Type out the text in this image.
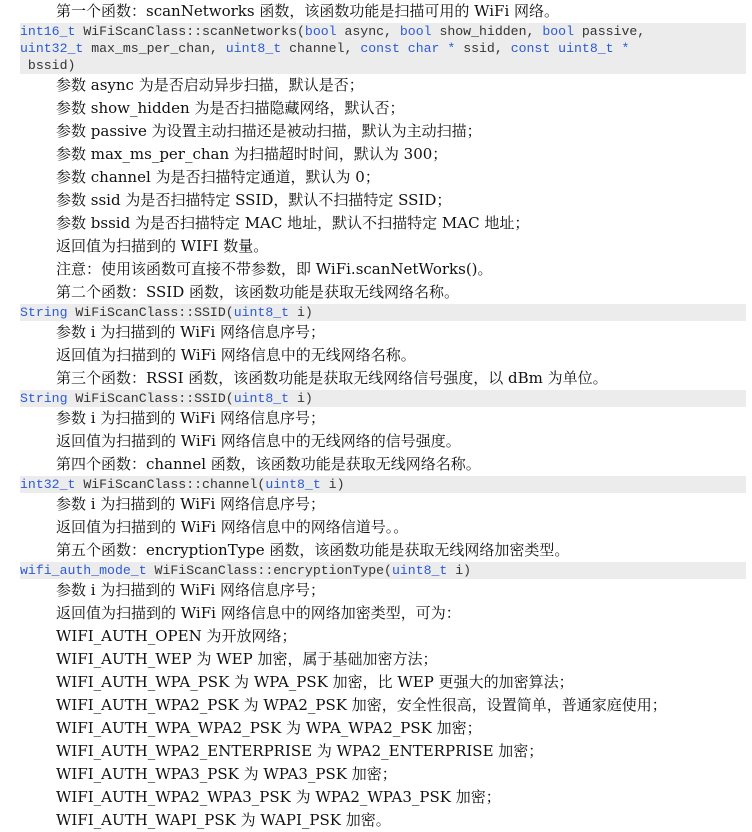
第一个函数：scanNetworks 函数，该函数功能是扫描可用的 WiFi 网络。
int16_t WiFiScanClass::scanNetworks(bool async, bool show_hidden, bool passive,
uint32_t max_ms_per_chan, uint8_t channel, const char * ssid, const uint8_t *
bssid)
参数 async 为是否启动异步扫描，默认是否；
参数 show_hidden 为是否扫描隐藏网络，默认否；
参数 passive 为设置主动扫描还是被动扫描，默认为主动扫描；
参数 max_ms_per_chan 为扫描超时时间，默认为 300；
参数 channel 为是否扫描特定通道，默认为 0；
参数 ssid 为是否扫描特定 SSID，默认不扫描特定 SSID；
参数 bssid 为是否扫描特定 MAC 地址，默认不扫描特定 MAC 地址；
返回值为扫描到的 WIFI 数量。
注意：使用该函数可直接不带参数，即 WiFi.scanNetWorks()。
第二个函数：SSID 函数，该函数功能是获取无线网络名称。
String WiFiScanClass::SSID(uint8_t i)
参数 i 为扫描到的 WiFi 网络信息序号；
返回值为扫描到的 WiFi 网络信息中的无线网络名称。
第三个函数：RSSI 函数，该函数功能是获取无线网络信号强度，以 dBm 为单位。
String WiFiScanClass::SSID(uint8_t i)
参数 i 为扫描到的 WiFi 网络信息序号；
返回值为扫描到的 WiFi 网络信息中的无线网络的信号强度。
第四个函数：channel 函数，该函数功能是获取无线网络名称。
int32_t WiFiScanClass::channel(uint8_t i)
参数 i 为扫描到的 WiFi 网络信息序号；
返回值为扫描到的 WiFi 网络信息中的网络信道号。。
第五个函数：encryptionType 函数，该函数功能是获取无线网络加密类型。
wifi_auth_mode_t WiFiScanClass::encryptionType(uint8_t i)
参数 i 为扫描到的 WiFi 网络信息序号；
返回值为扫描到的 WiFi 网络信息中的网络加密类型，可为：
WIFI_AUTH_OPEN 为开放网络；
WIFI_AUTH_WEP 为 WEP 加密，属于基础加密方法；
WIFI_AUTH_WPA_PSK 为 WPA_PSK 加密，比 WEP 更强大的加密算法；
WIFI_AUTH_WPA2_PSK 为 WPA2_PSK 加密，安全性很高，设置简单，普通家庭使用；
WIFI_AUTH_WPA_WPA2_PSK 为 WPA_WPA2_PSK 加密；
WIFI_AUTH_WPA2_ENTERPRISE 为 WPA2_ENTERPRISE 加密；
WIFI_AUTH_WPA3_PSK 为 WPA3_PSK 加密；
WIFI_AUTH_WPA2_WPA3_PSK 为 WPA2_WPA3_PSK 加密；
WIFI_AUTH_WAPI_PSK 为 WAPI_PSK 加密。
